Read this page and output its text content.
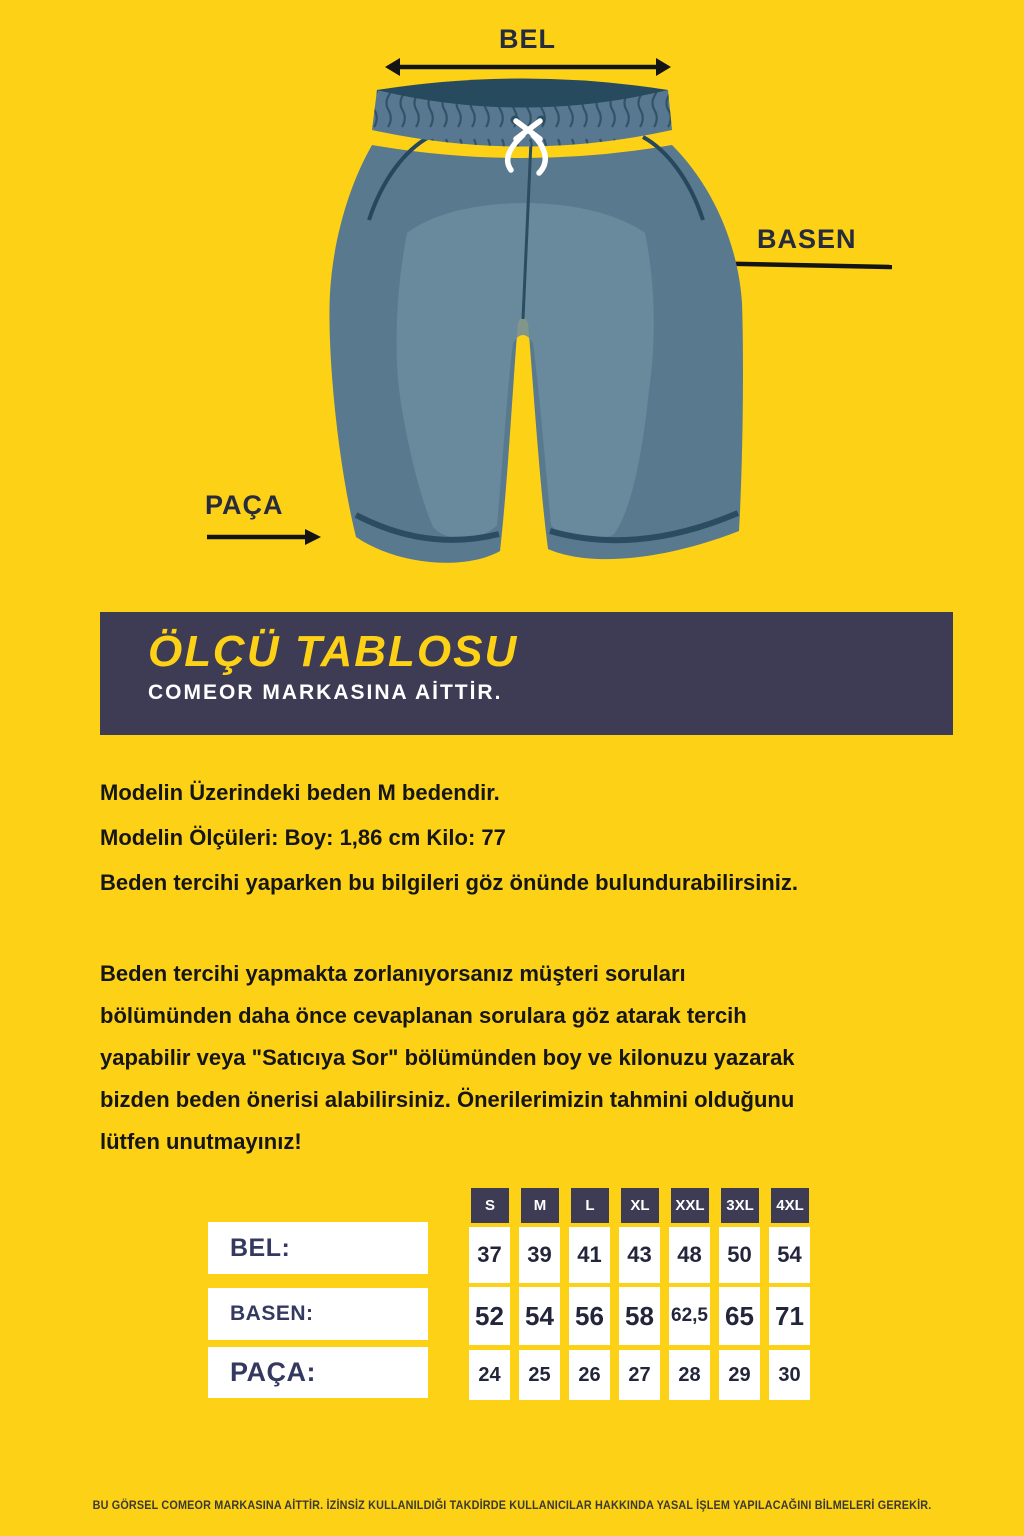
BEL
BASEN
PAÇA
ÖLÇÜ TABLOSU
COMEOR MARKASINA AİTTİR.
Modelin Üzerindeki beden M bedendir.
Modelin Ölçüleri: Boy: 1,86 cm Kilo: 77
Beden tercihi yaparken bu bilgileri göz önünde bulundurabilirsiniz.
Beden tercihi yapmakta zorlanıyorsanız müşteri soruları
bölümünden daha önce cevaplanan sorulara göz atarak tercih
yapabilir veya "Satıcıya Sor" bölümünden boy ve kilonuzu yazarak
bizden beden önerisi alabilirsiniz. Önerilerimizin tahmini olduğunu
lütfen unutmayınız!
S	M	L	XL	XXL	3XL	4XL
BEL:	37	39	41	43	48	50	54
BASEN:	52 54 56 58 62,5 65 71
PAÇA:	24	25	26	27	28	29	30
BU GÖRSEL COMEOR MARKASINA AİTTİR. İZİNSİZ KULLANILDIĞI TAKDİRDE KULLANICILAR HAKKINDA YASAL İŞLEM YAPILACAĞINI BİLMELERİ GEREKİR.
